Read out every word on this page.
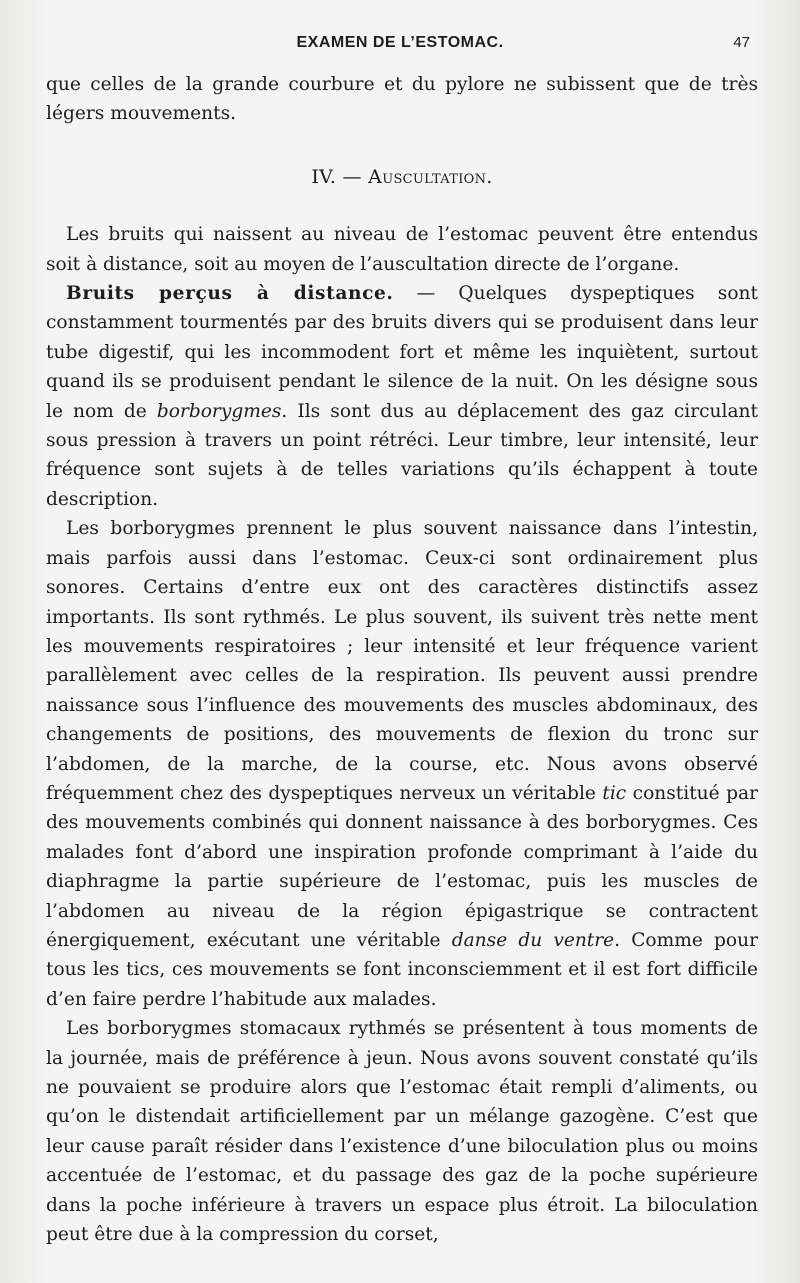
EXAMEN DE L’ESTOMAC.	47

que celles de la grande courbure et du pylore ne subissent que de très légers mouvements.

IV. — Auscultation.

Les bruits qui naissent au niveau de l’estomac peuvent être entendus soit à distance, soit au moyen de l’auscultation directe de l’organe.

Bruits perçus à distance. — Quelques dyspeptiques sont constamment tourmentés par des bruits divers qui se produisent dans leur tube digestif, qui les incommodent fort et même les inquiètent, surtout quand ils se produisent pendant le silence de la nuit. On les désigne sous le nom de borborygmes. Ils sont dus au déplacement des gaz circulant sous pression à travers un point rétréci. Leur timbre, leur intensité, leur fréquence sont sujets à de telles variations qu’ils échappent à toute description.

Les borborygmes prennent le plus souvent naissance dans l’intestin, mais parfois aussi dans l’estomac. Ceux-ci sont ordinairement plus sonores. Certains d’entre eux ont des caractères distinctifs assez importants. Ils sont rythmés. Le plus souvent, ils suivent très nette ment les mouvements respiratoires ; leur intensité et leur fréquence varient parallèlement avec celles de la respiration. Ils peuvent aussi prendre naissance sous l’influence des mouvements des muscles abdominaux, des changements de positions, des mouvements de flexion du tronc sur l’abdomen, de la marche, de la course, etc. Nous avons observé fréquemment chez des dyspeptiques nerveux un véritable tic constitué par des mouvements combinés qui donnent naissance à des borborygmes. Ces malades font d’abord une inspiration profonde comprimant à l’aide du diaphragme la partie supérieure de l’estomac, puis les muscles de l’abdomen au niveau de la région épigastrique se contractent énergiquement, exécutant une véritable danse du ventre. Comme pour tous les tics, ces mouvements se font inconsciemment et il est fort difficile d’en faire perdre l’habitude aux malades.

Les borborygmes stomacaux rythmés se présentent à tous moments de la journée, mais de préférence à jeun. Nous avons souvent constaté qu’ils ne pouvaient se produire alors que l’estomac était rempli d’aliments, ou qu’on le distendait artificiellement par un mélange gazogène. C’est que leur cause paraît résider dans l’existence d’une biloculation plus ou moins accentuée de l’estomac, et du passage des gaz de la poche supérieure dans la poche inférieure à travers un espace plus étroit. La biloculation peut être due à la compression du corset,
